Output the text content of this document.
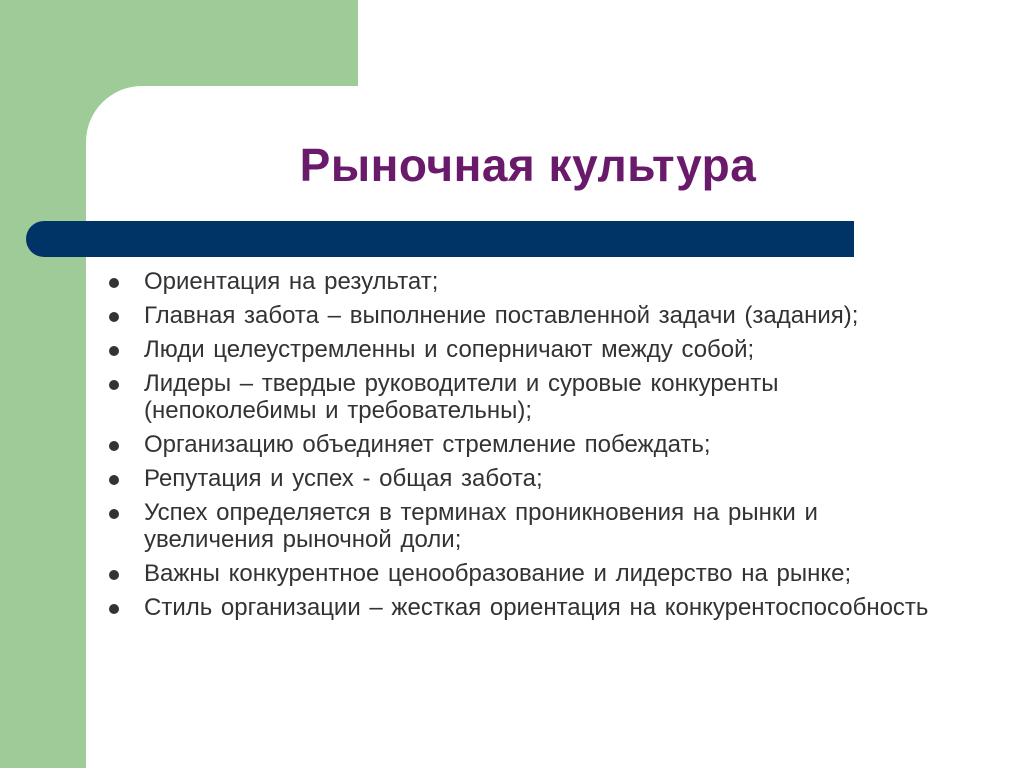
Рыночная культура
Ориентация на результат;
Главная забота – выполнение поставленной задачи (задания);
Люди целеустремленны и соперничают между собой;
Лидеры – твердые руководители и суровые конкуренты (непоколебимы и требовательны);
Организацию объединяет стремление побеждать;
Репутация и успех - общая забота;
Успех определяется в терминах проникновения на рынки и увеличения рыночной доли;
Важны конкурентное ценообразование и лидерство на рынке;
Стиль организации – жесткая ориентация на конкурентоспособность
